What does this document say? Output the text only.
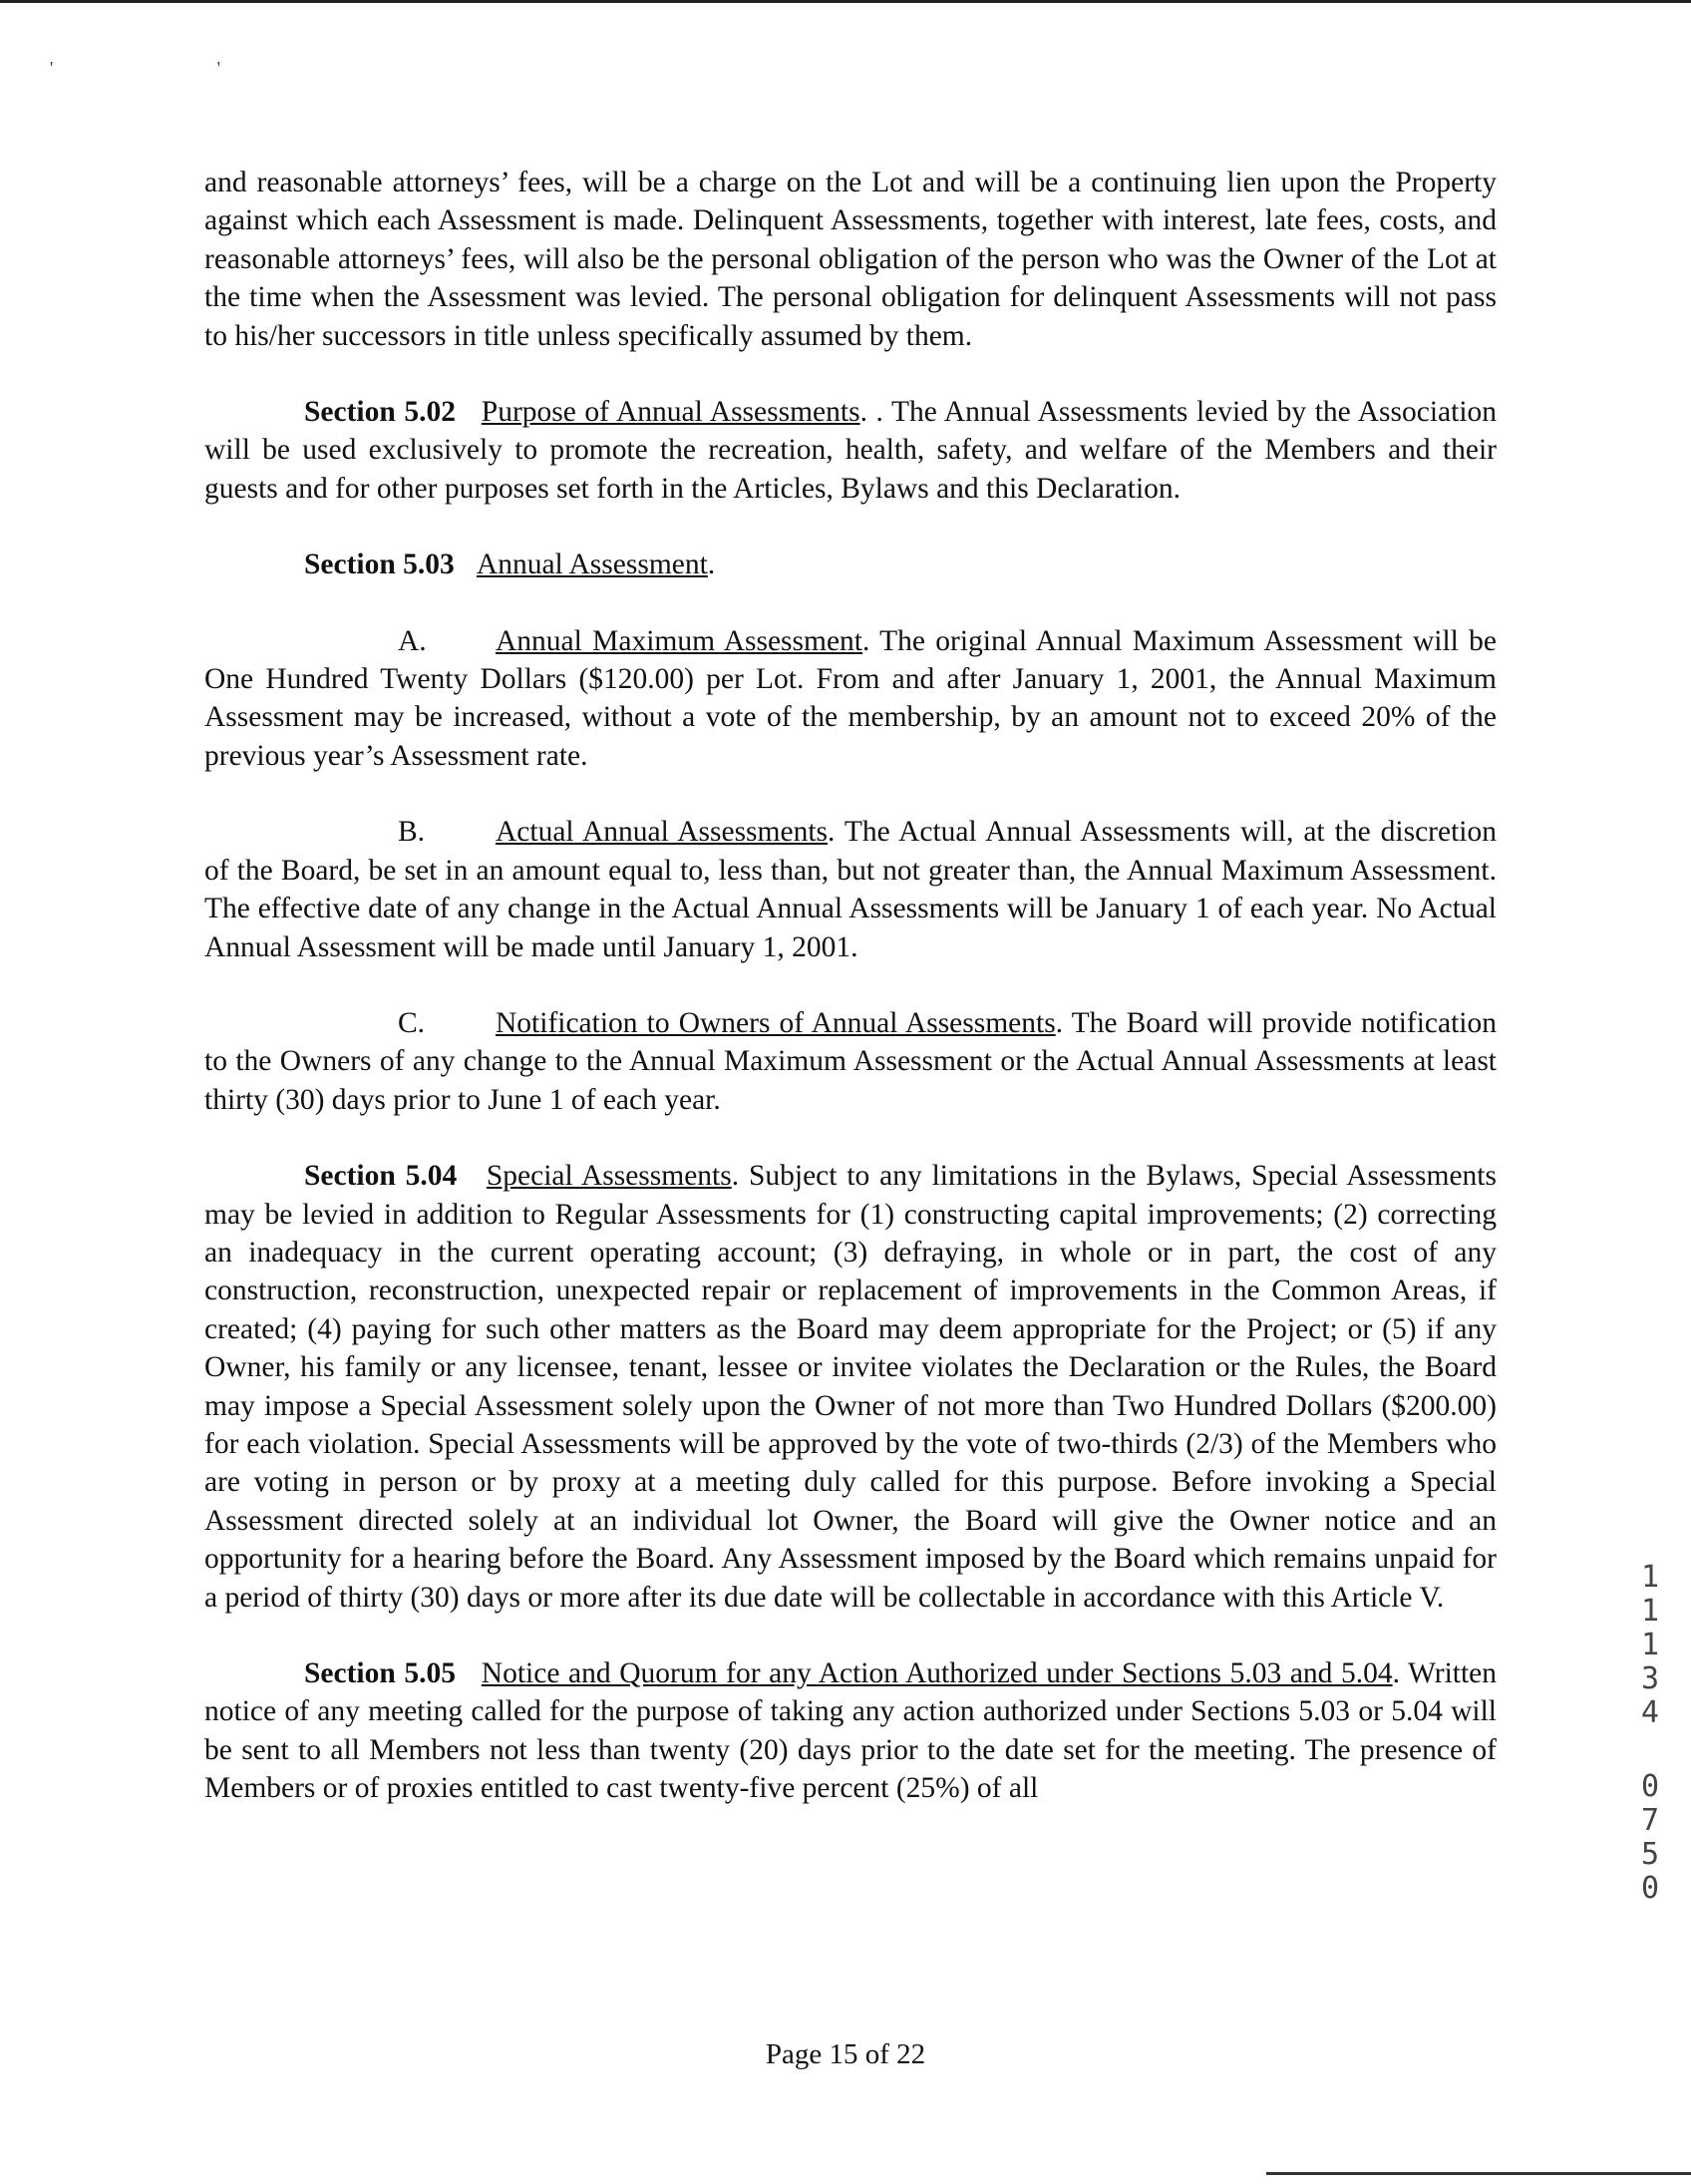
' '

and reasonable attorneys’ fees, will be a charge on the Lot and will be a continuing lien upon the Property against which each Assessment is made. Delinquent Assessments, together with interest, late fees, costs, and reasonable attorneys’ fees, will also be the personal obligation of the person who was the Owner of the Lot at the time when the Assessment was levied. The personal obligation for delinquent Assessments will not pass to his/her successors in title unless specifically assumed by them.

Section 5.02 Purpose of Annual Assessments. . The Annual Assessments levied by the Association will be used exclusively to promote the recreation, health, safety, and welfare of the Members and their guests and for other purposes set forth in the Articles, Bylaws and this Declaration.

Section 5.03 Annual Assessment.

A. Annual Maximum Assessment. The original Annual Maximum Assessment will be One Hundred Twenty Dollars ($120.00) per Lot. From and after January 1, 2001, the Annual Maximum Assessment may be increased, without a vote of the membership, by an amount not to exceed 20% of the previous year’s Assessment rate.

B. Actual Annual Assessments. The Actual Annual Assessments will, at the discretion of the Board, be set in an amount equal to, less than, but not greater than, the Annual Maximum Assessment. The effective date of any change in the Actual Annual Assessments will be January 1 of each year. No Actual Annual Assessment will be made until January 1, 2001.

C. Notification to Owners of Annual Assessments. The Board will provide notification to the Owners of any change to the Annual Maximum Assessment or the Actual Annual Assessments at least thirty (30) days prior to June 1 of each year.

Section 5.04 Special Assessments. Subject to any limitations in the Bylaws, Special Assessments may be levied in addition to Regular Assessments for (1) constructing capital improvements; (2) correcting an inadequacy in the current operating account; (3) defraying, in whole or in part, the cost of any construction, reconstruction, unexpected repair or replacement of improvements in the Common Areas, if created; (4) paying for such other matters as the Board may deem appropriate for the Project; or (5) if any Owner, his family or any licensee, tenant, lessee or invitee violates the Declaration or the Rules, the Board may impose a Special Assessment solely upon the Owner of not more than Two Hundred Dollars ($200.00) for each violation. Special Assessments will be approved by the vote of two-thirds (2/3) of the Members who are voting in person or by proxy at a meeting duly called for this purpose. Before invoking a Special Assessment directed solely at an individual lot Owner, the Board will give the Owner notice and an opportunity for a hearing before the Board. Any Assessment imposed by the Board which remains unpaid for a period of thirty (30) days or more after its due date will be collectable in accordance with this Article V.

Section 5.05 Notice and Quorum for any Action Authorized under Sections 5.03 and 5.04. Written notice of any meeting called for the purpose of taking any action authorized under Sections 5.03 or 5.04 will be sent to all Members not less than twenty (20) days prior to the date set for the meeting. The presence of Members or of proxies entitled to cast twenty-five percent (25%) of all

1
1
1
3
4
0
7
5
0
Page 15 of 22
